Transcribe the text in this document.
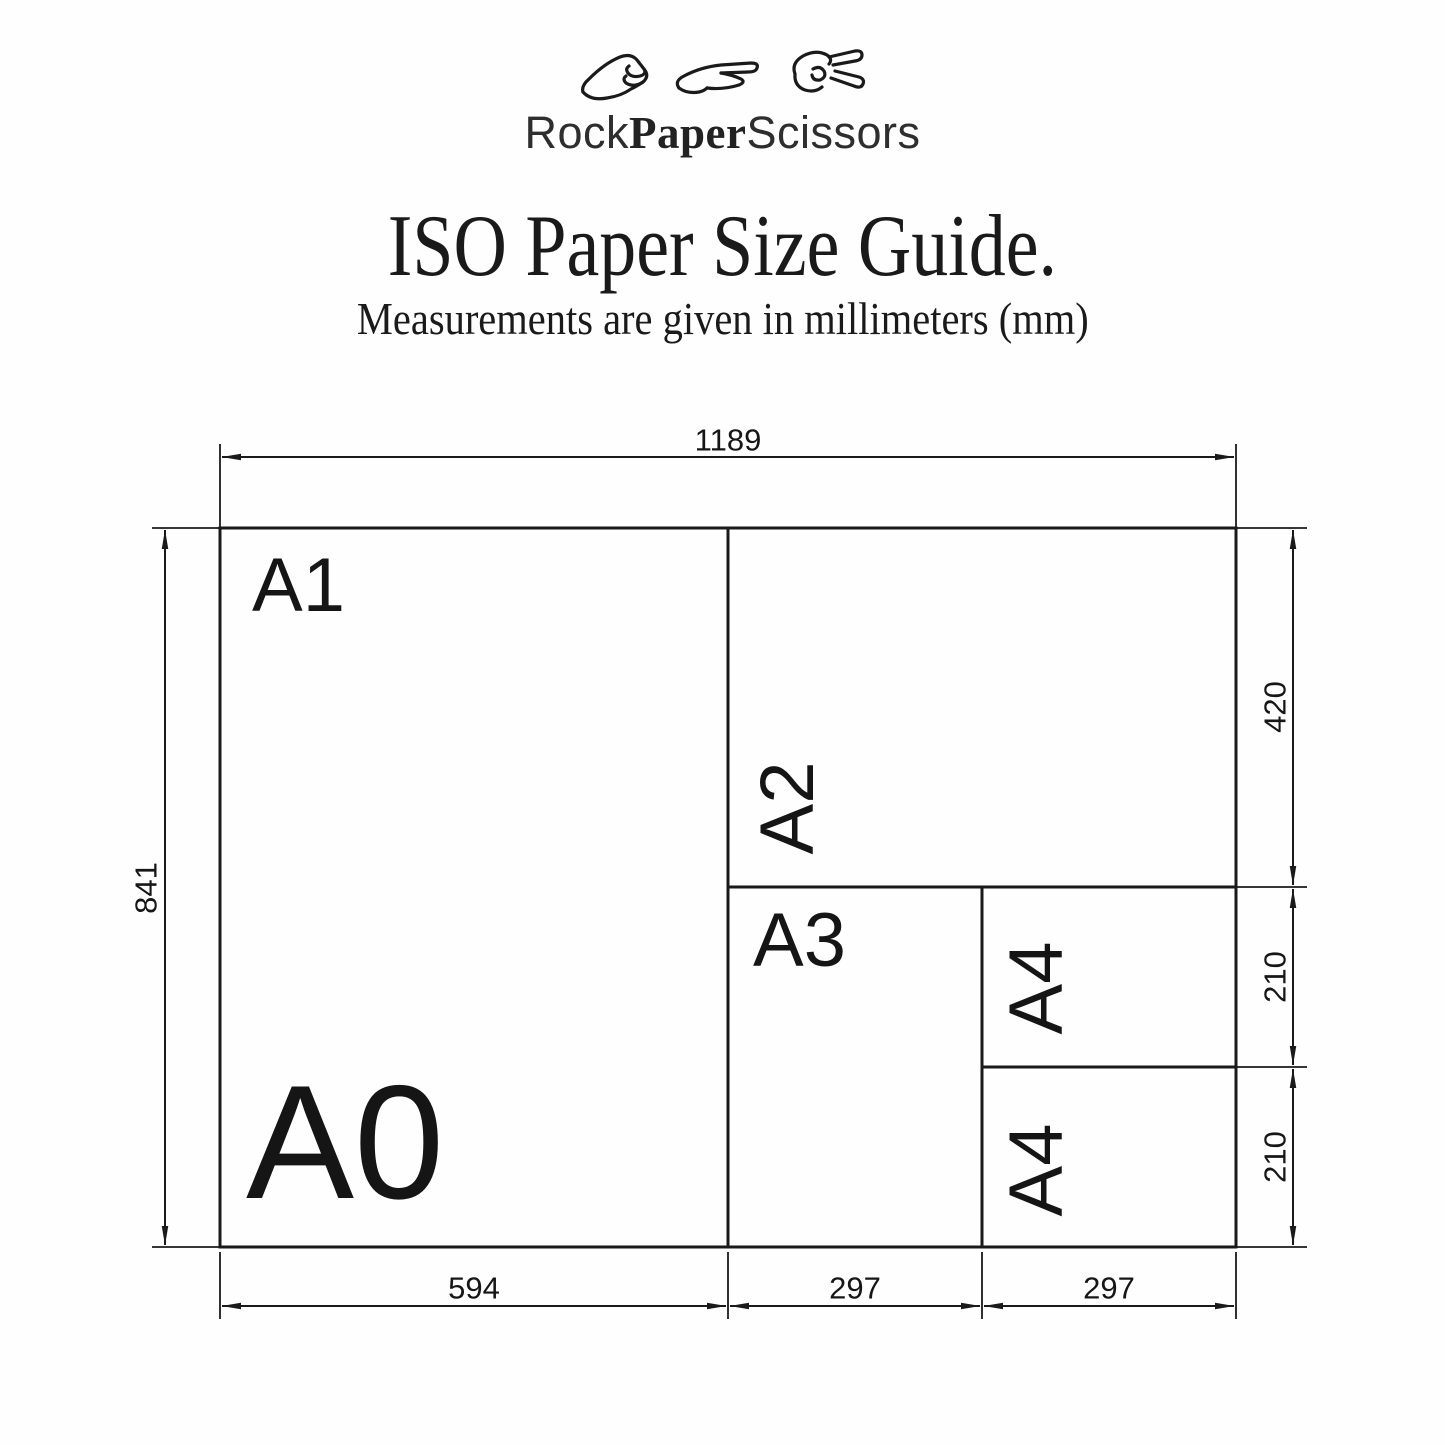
RockPaperScissors
ISO Paper Size Guide.
Measurements are given in millimeters (mm)
A1
A2
A3
A4
A4
A0
1189
841
420
210
210
594	297	297
